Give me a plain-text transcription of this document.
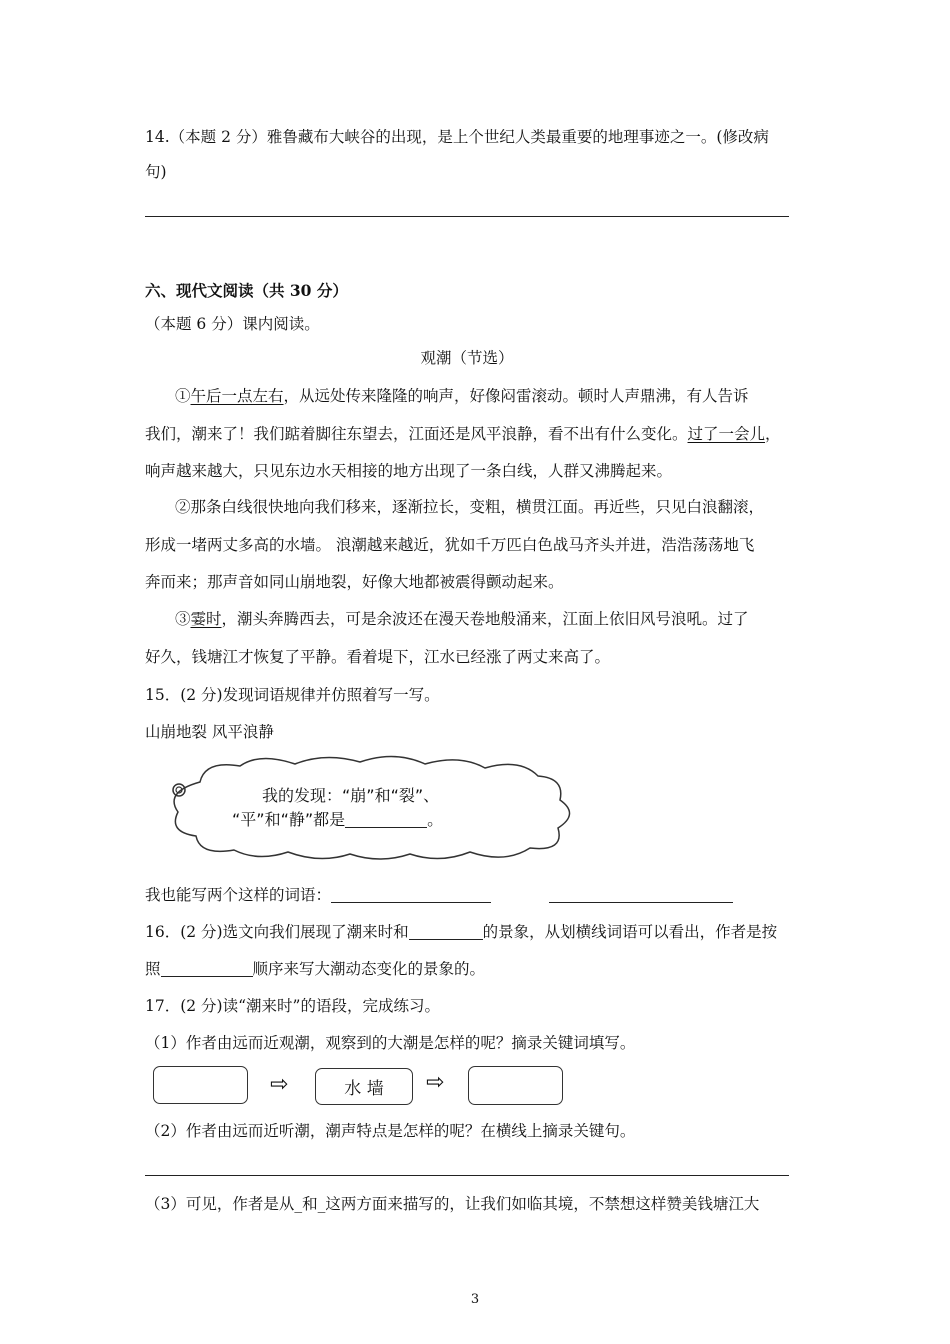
14.（本题 2 分）雅鲁藏布大峡谷的出现，是上个世纪人类最重要的地理事迹之一。(修改病
句)
六、现代文阅读（共 30 分）
（本题 6 分）课内阅读。
观潮（节选）
①午后一点左右，从远处传来隆隆的响声，好像闷雷滚动。顿时人声鼎沸，有人告诉
我们，潮来了！我们踮着脚往东望去，江面还是风平浪静，看不出有什么变化。过了一会儿，
响声越来越大，只见东边水天相接的地方出现了一条白线，人群又沸腾起来。
②那条白线很快地向我们移来，逐渐拉长，变粗，横贯江面。再近些，只见白浪翻滚，
形成一堵两丈多高的水墙。 浪潮越来越近，犹如千万匹白色战马齐头并进，浩浩荡荡地飞
奔而来；那声音如同山崩地裂，好像大地都被震得颤动起来。
③霎时，潮头奔腾西去，可是余波还在漫天卷地般涌来，江面上依旧风号浪吼。过了
好久，钱塘江才恢复了平静。看着堤下，江水已经涨了两丈来高了。
15．(2 分)发现词语规律并仿照着写一写。
山崩地裂 风平浪静
我的发现：“崩”和“裂”、
“平”和“静”都是	。
我也能写两个这样的词语：
16．(2 分)选文向我们展现了潮来时和	的景象，从划横线词语可以看出，作者是按
照	顺序来写大潮动态变化的景象的。
17．(2 分)读“潮来时”的语段，完成练习。
（1）作者由远而近观潮，观察到的大潮是怎样的呢？摘录关键词填写。
⇨	水 墙	⇨
（2）作者由远而近听潮，潮声特点是怎样的呢？在横线上摘录关键句。
（3）可见，作者是从_和_这两方面来描写的，让我们如临其境，不禁想这样赞美钱塘江大
3
